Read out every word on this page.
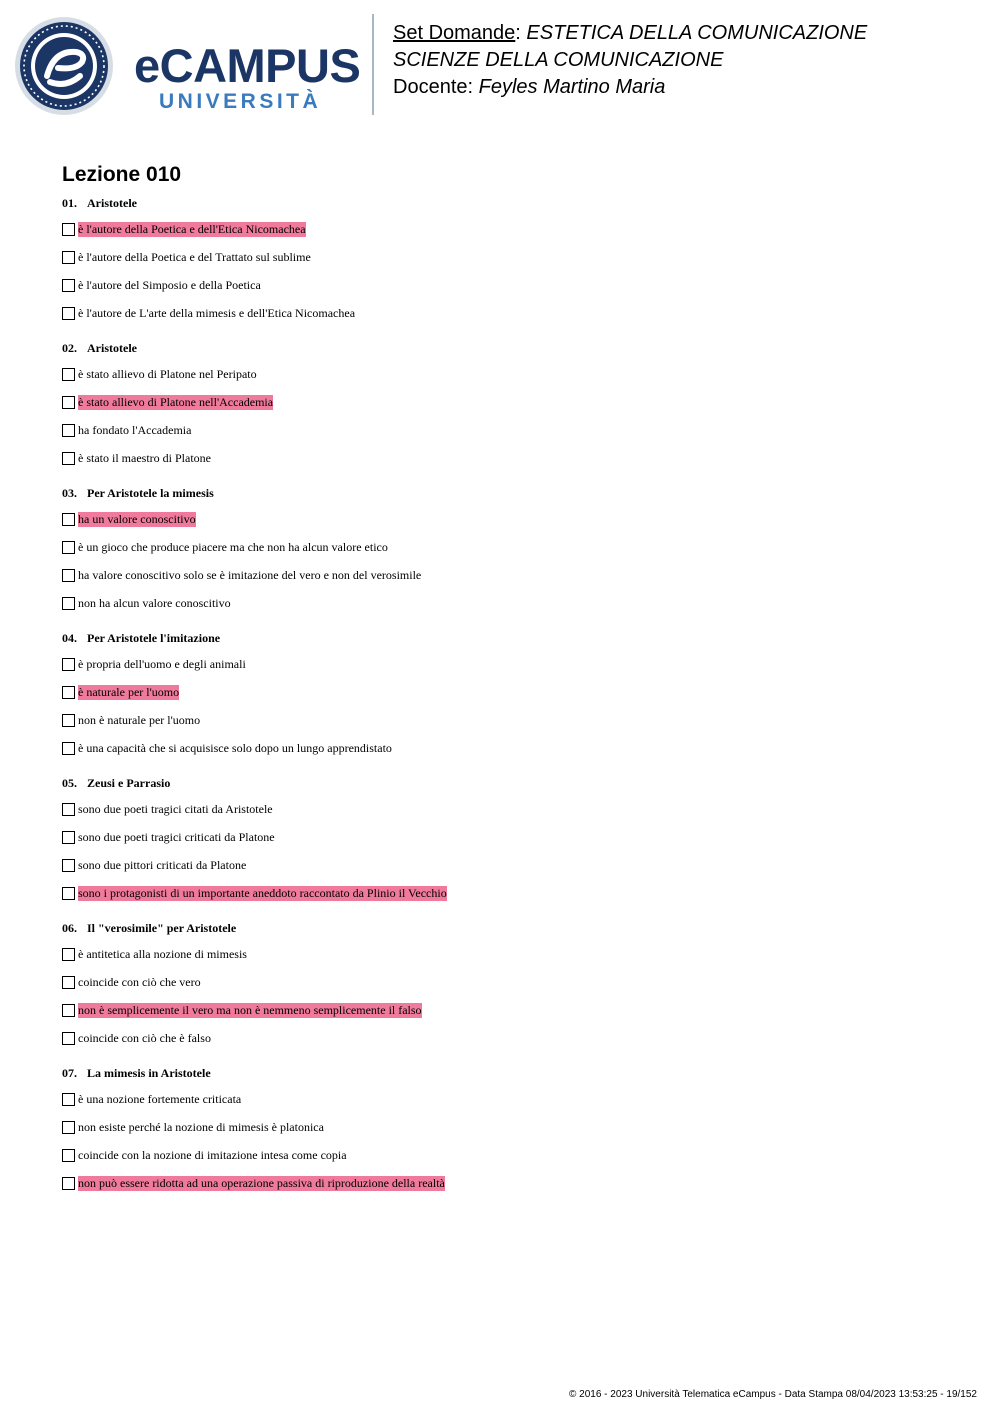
eCAMPUS
UNIVERSITÀ
Set Domande: ESTETICA DELLA COMUNICAZIONE
SCIENZE DELLA COMUNICAZIONE
Docente: Feyles Martino Maria
Lezione 010
01. Aristotele
è l'autore della Poetica e dell'Etica Nicomachea
è l'autore della Poetica e del Trattato sul sublime
è l'autore del Simposio e della Poetica
è l'autore de L'arte della mimesis e dell'Etica Nicomachea
02. Aristotele
è stato allievo di Platone nel Peripato
è stato allievo di Platone nell'Accademia
ha fondato l'Accademia
è stato il maestro di Platone
03. Per Aristotele la mimesis
ha un valore conoscitivo
è un gioco che produce piacere ma che non ha alcun valore etico
ha valore conoscitivo solo se è imitazione del vero e non del verosimile
non ha alcun valore conoscitivo
04. Per Aristotele l'imitazione
è propria dell'uomo e degli animali
è naturale per l'uomo
non è naturale per l'uomo
è una capacità che si acquisisce solo dopo un lungo apprendistato
05. Zeusi e Parrasio
sono due poeti tragici citati da Aristotele
sono due poeti tragici criticati da Platone
sono due pittori criticati da Platone
sono i protagonisti di un importante aneddoto raccontato da Plinio il Vecchio
06. Il "verosimile" per Aristotele
è antitetica alla nozione di mimesis
coincide con ciò che vero
non è semplicemente il vero ma non è nemmeno semplicemente il falso
coincide con ciò che è falso
07. La mimesis in Aristotele
è una nozione fortemente criticata
non esiste perché la nozione di mimesis è platonica
coincide con la nozione di imitazione intesa come copia
non può essere ridotta ad una operazione passiva di riproduzione della realtà
© 2016 - 2023 Università Telematica eCampus - Data Stampa 08/04/2023 13:53:25 - 19/152
